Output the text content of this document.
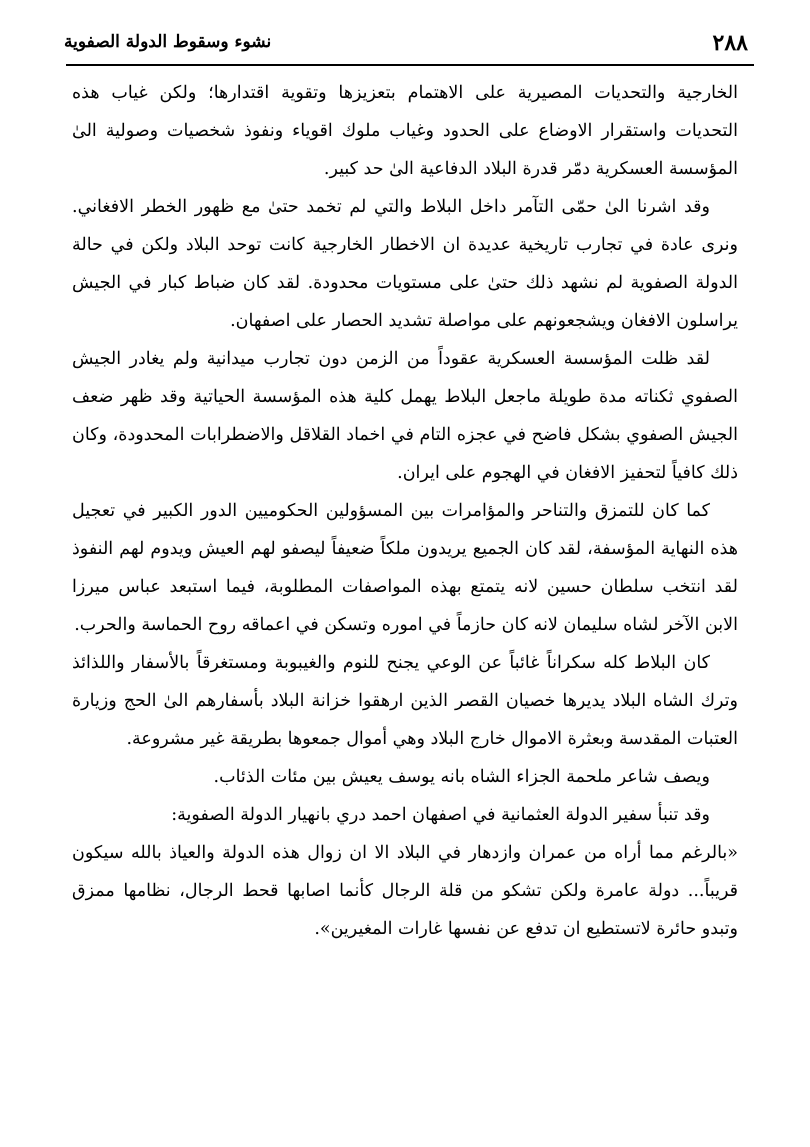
٢٨٨
نشوء وسقوط الدولة الصفوية

الخارجية والتحديات المصيرية على الاهتمام بتعزيزها وتقوية اقتدارها؛ ولكن غياب هذه التحديات واستقرار الاوضاع على الحدود وغياب ملوك اقوياء ونفوذ شخصيات وصولية الىٰ المؤسسة العسكرية دمّر قدرة البلاد الدفاعية الىٰ حد كبير.

وقد اشرنا الىٰ حمّى التآمر داخل البلاط والتي لم تخمد حتىٰ مع ظهور الخطر الافغاني. ونرى عادة في تجارب تاريخية عديدة ان الاخطار الخارجية كانت توحد البلاد ولكن في حالة الدولة الصفوية لم نشهد ذلك حتىٰ على مستويات محدودة. لقد كان ضباط كبار في الجيش يراسلون الافغان ويشجعونهم على مواصلة تشديد الحصار على اصفهان.

لقد ظلت المؤسسة العسكرية عقوداً من الزمن دون تجارب ميدانية ولم يغادر الجيش الصفوي ثكناته مدة طويلة ماجعل البلاط يهمل كلية هذه المؤسسة الحياتية وقد ظهر ضعف الجيش الصفوي بشكل فاضح في عجزه التام في اخماد القلاقل والاضطرابات المحدودة، وكان ذلك كافياً لتحفيز الافغان في الهجوم على ايران.

كما كان للتمزق والتناحر والمؤامرات بين المسؤولين الحكوميين الدور الكبير في تعجيل هذه النهاية المؤسفة، لقد كان الجميع يريدون ملكاً ضعيفاً ليصفو لهم العيش ويدوم لهم النفوذ لقد انتخب سلطان حسين لانه يتمتع بهذه المواصفات المطلوبة، فيما استبعد عباس ميرزا الابن الآخر لشاه سليمان لانه كان حازماً في اموره وتسكن في اعماقه روح الحماسة والحرب.

كان البلاط كله سكراناً غائباً عن الوعي يجنح للنوم والغيبوبة ومستغرقاً بالأسفار واللذائذ وترك الشاه البلاد يديرها خصيان القصر الذين ارهقوا خزانة البلاد بأسفارهم الىٰ الحج وزيارة العتبات المقدسة وبعثرة الاموال خارج البلاد وهي أموال جمعوها بطريقة غير مشروعة.

ويصف شاعر ملحمة الجزاء الشاه بانه يوسف يعيش بين مئات الذئاب.

وقد تنبأ سفير الدولة العثمانية في اصفهان احمد دري بانهيار الدولة الصفوية:

«بالرغم مما أراه من عمران وازدهار في البلاد الا ان زوال هذه الدولة والعياذ بالله سيكون قريباً... دولة عامرة ولكن تشكو من قلة الرجال كأنما اصابها قحط الرجال، نظامها ممزق وتبدو حائرة لاتستطيع ان تدفع عن نفسها غارات المغيرين».
